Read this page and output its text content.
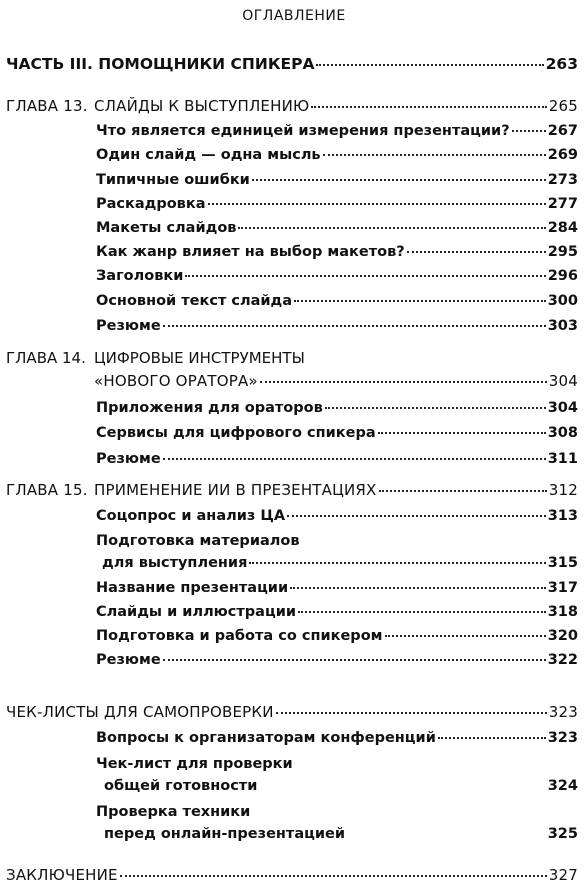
ОГЛАВЛЕНИЕ
ЧАСТЬ III. ПОМОЩНИКИ СПИКЕРА	263
ГЛАВА 13. СЛАЙДЫ К ВЫСТУПЛЕНИЮ	265
Что является единицей измерения презентации?	267
Один слайд — одна мысль	269
Типичные ошибки	273
Раскадровка	277
Макеты слайдов	284
Как жанр влияет на выбор макетов?	295
Заголовки	296
Основной текст слайда	300
Резюме	303
ГЛАВА 14. ЦИФРОВЫЕ ИНСТРУМЕНТЫ
«НОВОГО ОРАТОРА»	304
Приложения для ораторов	304
Сервисы для цифрового спикера	308
Резюме	311
ГЛАВА 15. ПРИМЕНЕНИЕ ИИ В ПРЕЗЕНТАЦИЯХ	312
Соцопрос и анализ ЦА	313
Подготовка материалов
для выступления	315
Название презентации	317
Слайды и иллюстрации	318
Подготовка и работа со спикером	320
Резюме	322
ЧЕК-ЛИСТЫ ДЛЯ САМОПРОВЕРКИ	323
Вопросы к организаторам конференций	323
Чек-лист для проверки
общей готовности	324
Проверка техники
перед онлайн-презентацией	325
ЗАКЛЮЧЕНИЕ	327
